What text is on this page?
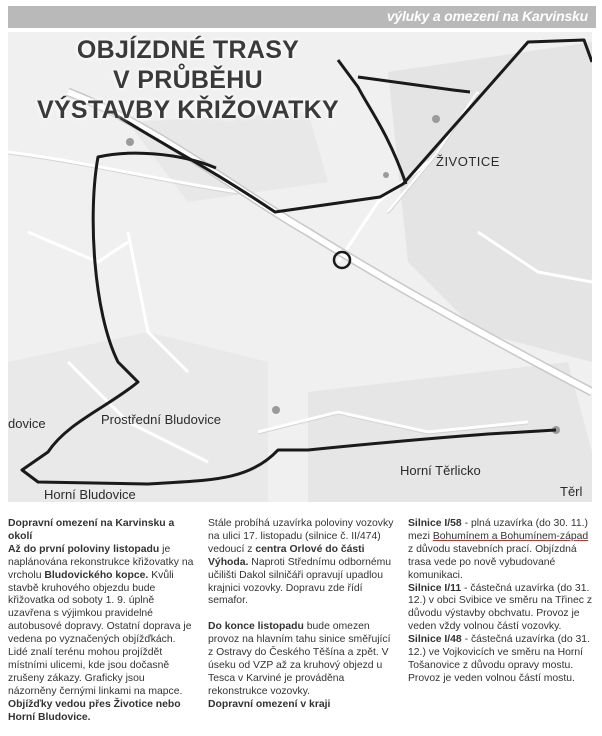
výluky a omezení na Karvinsku
OBJÍZDNÉ TRASY
V PRŮBĚHU
VÝSTAVBY KŘIŽOVATKY
ŽIVOTICE
Prostřední Bludovice
dovice
Horní Bludovice
Horní Těrlicko
Těrl

Dopravní omezení na Karvinsku a okolí

Až do první poloviny listopadu je naplánována rekonstrukce křižovatky na vrcholu Bludovického kopce. Kvůli stavbě kruhového objezdu bude křižovatka od soboty 1. 9. úplně uzavřena s výjimkou pravidelné autobusové dopravy. Ostatní doprava je vedena po vyznačených objížďkách. Lidé znalí terénu mohou projíždět místními ulicemi, kde jsou dočasně zrušeny zákazy. Graficky jsou názorněny černými linkami na mapce. Objížďky vedou přes Životice nebo Horní Bludovice.

Stále probíhá uzavírka poloviny vozovky na ulici 17. listopadu (silnice č. II/474) vedoucí z centra Orlové do části Výhoda. Naproti Střednímu odbornému učilišti Dakol silničáři opravují upadlou krajnici vozovky. Dopravu zde řídí semafor.

Do konce listopadu bude omezen provoz na hlavním tahu sinice směřující z Ostravy do Českého Těšína a zpět. V úseku od VZP až za kruhový objezd u Tesca v Karviné je prováděna rekonstrukce vozovky.

Dopravní omezení v kraji

Silnice I/58 - plná uzavírka (do 30. 11.) mezi Bohumínem a Bohumínem-západ z důvodu stavebních prací. Objízdná trasa vede po nově vybudované komunikaci.

Silnice I/11 - částečná uzavírka (do 31. 12.) v obci Svibice ve směru na Třinec z důvodu výstavby obchvatu. Provoz je veden vždy volnou částí vozovky.

Silnice I/48 - částečná uzavírka (do 31. 12.) ve Vojkovicích ve směru na Horní Tošanovice z důvodu opravy mostu. Provoz je veden volnou částí mostu.
